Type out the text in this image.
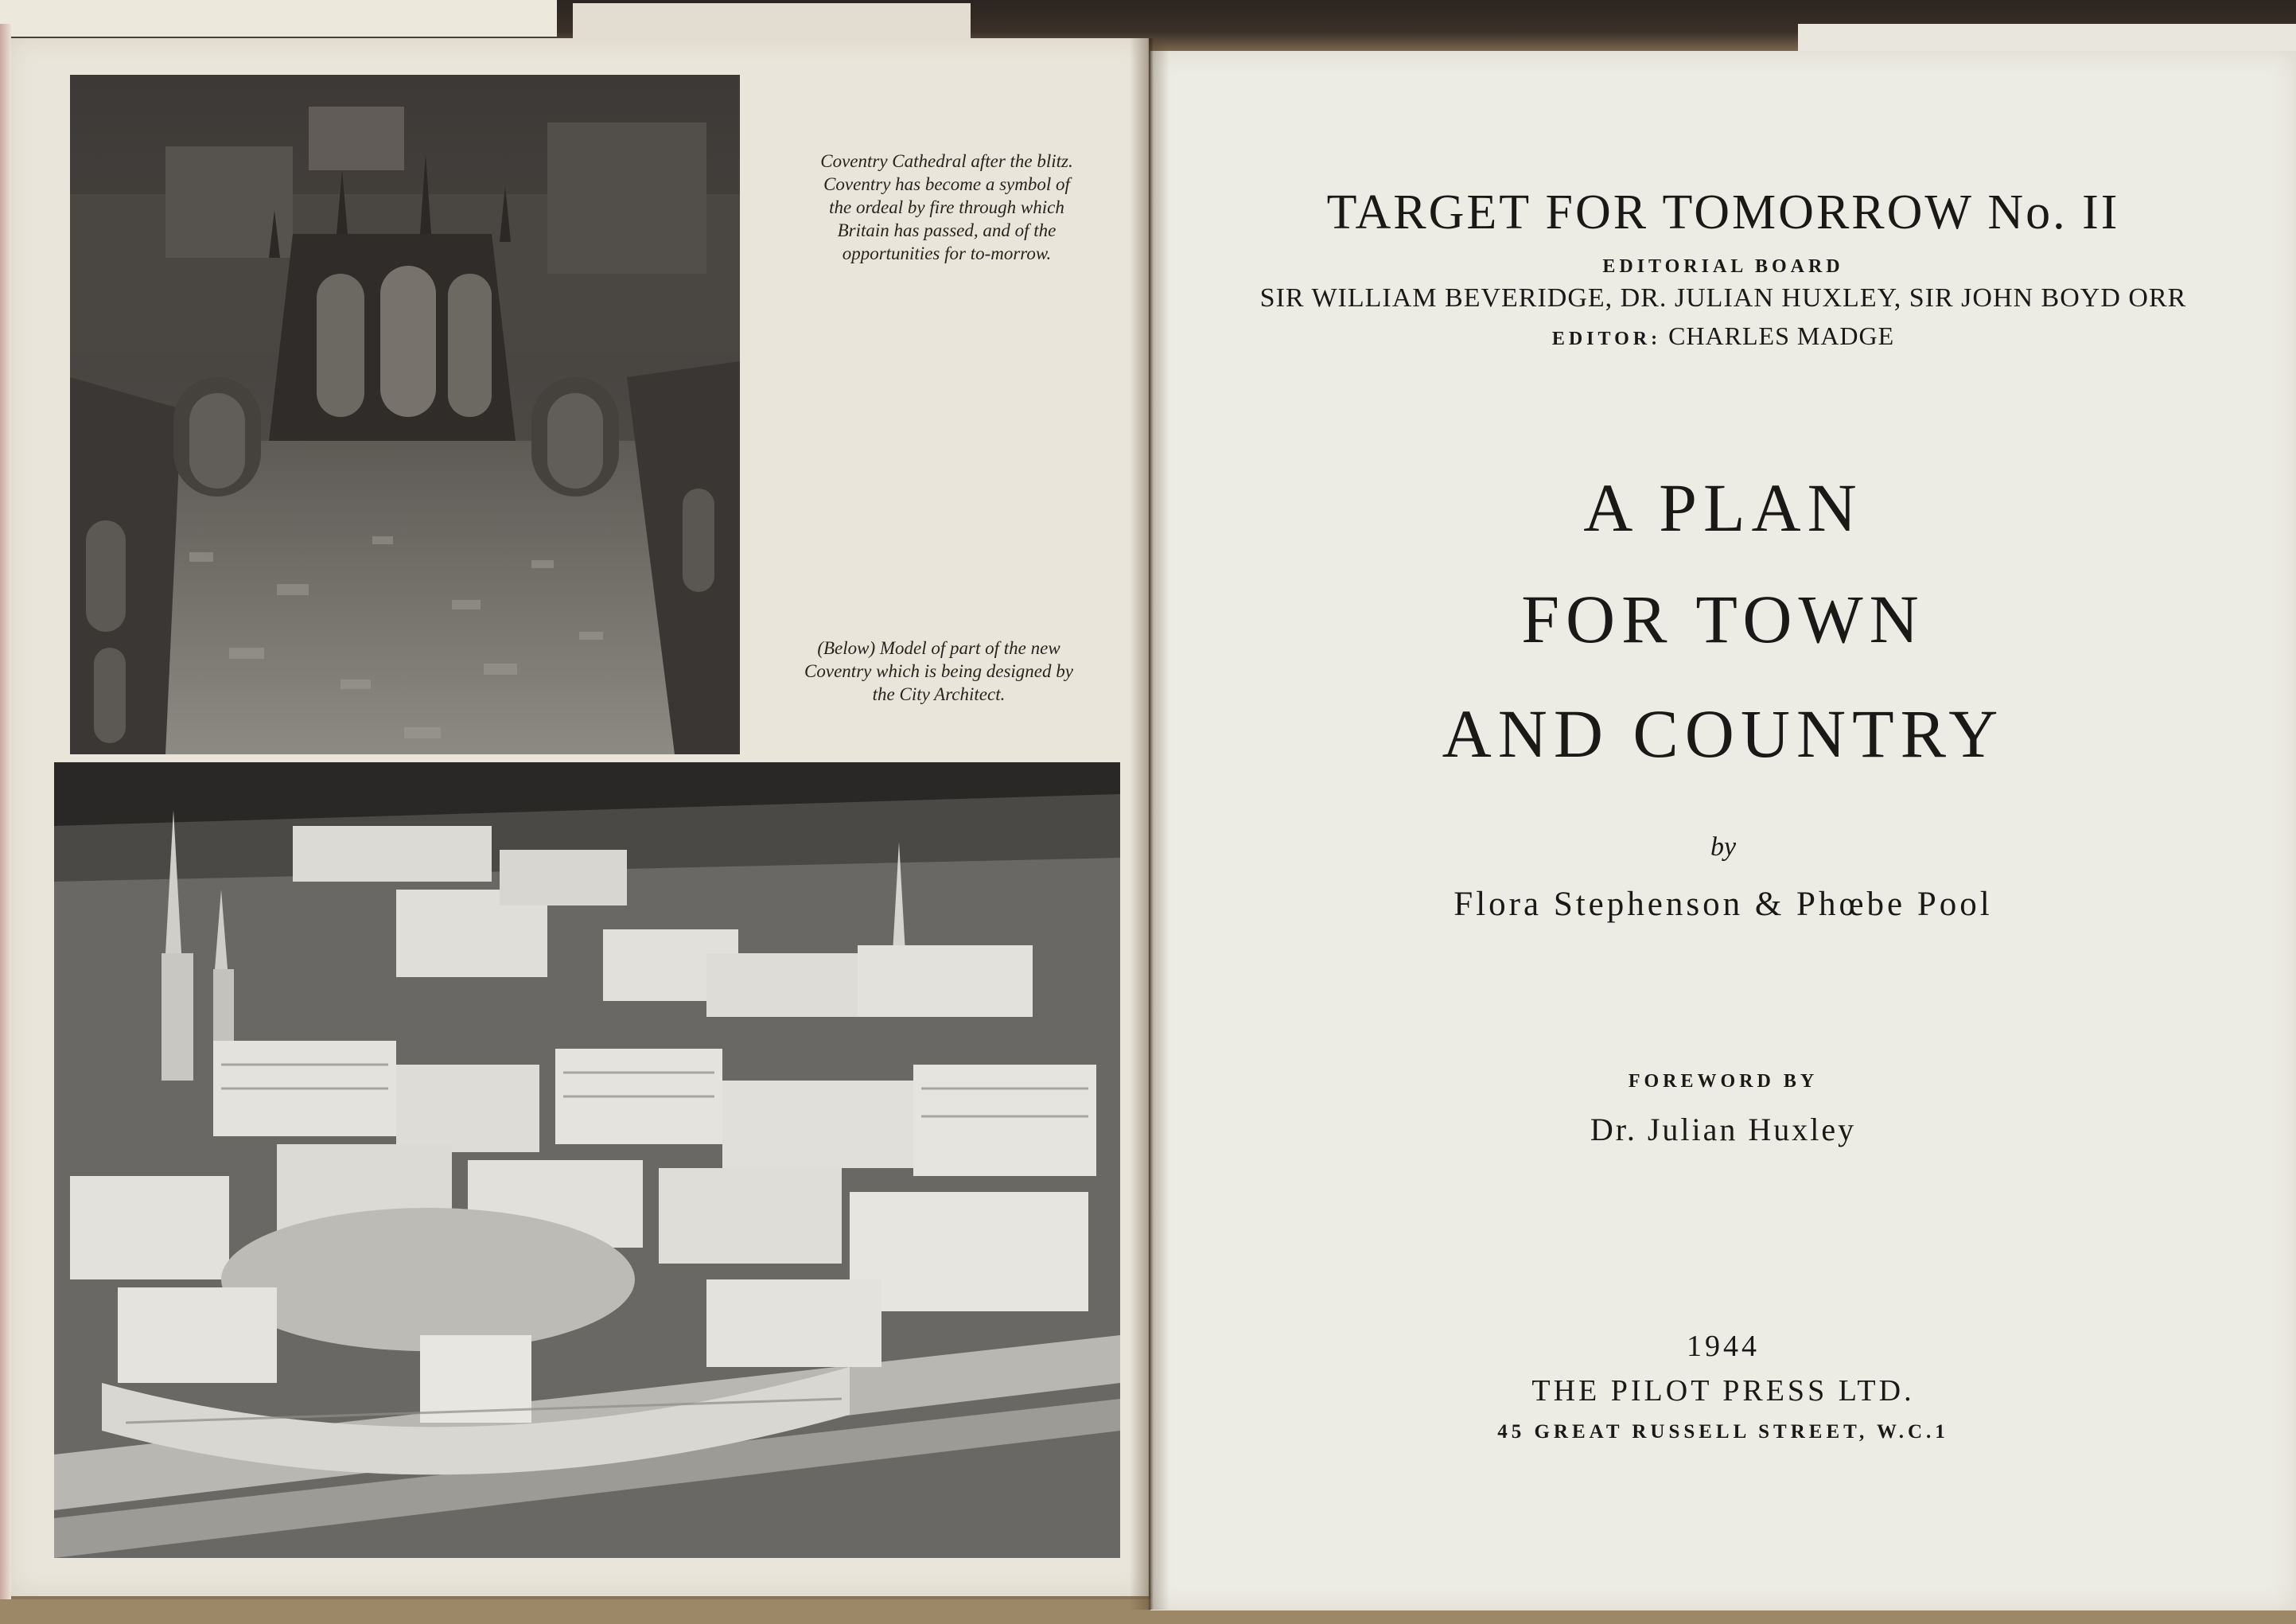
Coventry Cathedral after the blitz.
Coventry has become a symbol of
the ordeal by fire through which
Britain has passed, and of the
opportunities for to-morrow.
(Below) Model of part of the new
Coventry which is being designed by
the City Architect.
TARGET FOR TOMORROW No. II
EDITORIAL BOARD
SIR WILLIAM BEVERIDGE, DR. JULIAN HUXLEY, SIR JOHN BOYD ORR
EDITOR: CHARLES MADGE
A PLAN
FOR TOWN
AND COUNTRY
by
Flora Stephenson & Phœbe Pool
FOREWORD BY
Dr. Julian Huxley
1944
THE PILOT PRESS LTD.
45 GREAT RUSSELL STREET, W.C.1
